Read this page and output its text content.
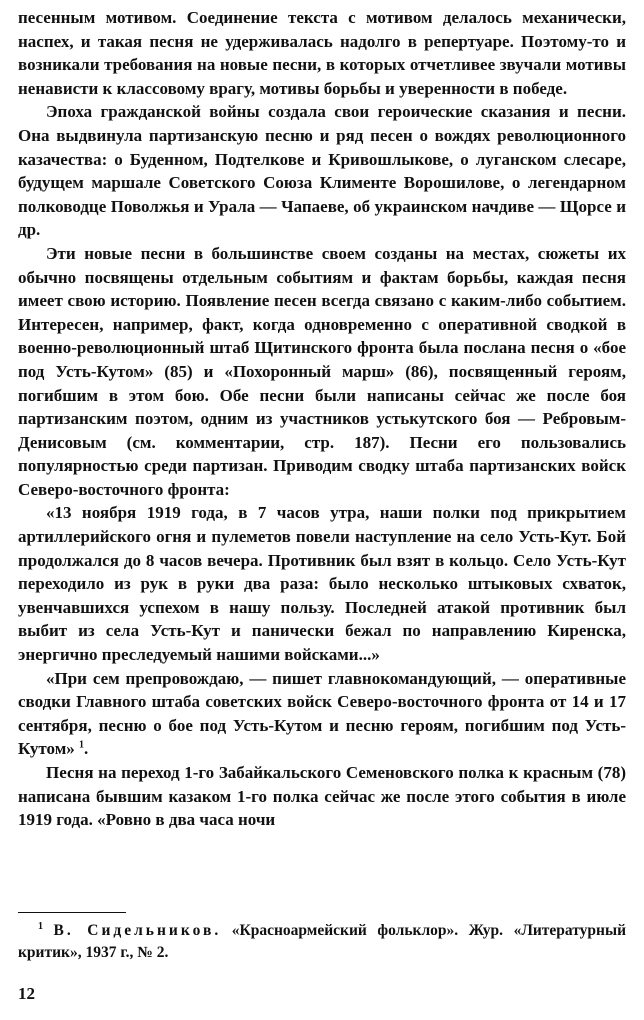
песенным мотивом. Соединение текста с мотивом делалось механически, наспех, и такая песня не удерживалась надолго в репертуаре. Поэтому-то и возникали требования на новые песни, в которых отчетливее звучали мотивы ненависти к классовому врагу, мотивы борьбы и уверенности в победе.

Эпоха гражданской войны создала свои героические сказания и песни. Она выдвинула партизанскую песню и ряд песен о вождях революционного казачества: о Буденном, Подтелкове и Кривошлыкове, о луганском слесаре, будущем маршале Советского Союза Клименте Ворошилове, о легендарном полководце Поволжья и Урала — Чапаеве, об украинском начдиве — Щорсе и др.

Эти новые песни в большинстве своем созданы на местах, сюжеты их обычно посвящены отдельным событиям и фактам борьбы, каждая песня имеет свою историю. Появление песен всегда связано с каким-либо событием. Интересен, например, факт, когда одновременно с оперативной сводкой в военно-революционный штаб Щитинского фронта была послана песня о «бое под Усть-Кутом» (85) и «Похоронный марш» (86), посвященный героям, погибшим в этом бою. Обе песни были написаны сейчас же после боя партизанским поэтом, одним из участников устькутского боя — Ребровым-Денисовым (см. комментарии, стр. 187). Песни его пользовались популярностью среди партизан. Приводим сводку штаба партизанских войск Северо-восточного фронта:

«13 ноября 1919 года, в 7 часов утра, наши полки под прикрытием артиллерийского огня и пулеметов повели наступление на село Усть-Кут. Бой продолжался до 8 часов вечера. Противник был взят в кольцо. Село Усть-Кут переходило из рук в руки два раза: было несколько штыковых схваток, увенчавшихся успехом в нашу пользу. Последней атакой противник был выбит из села Усть-Кут и панически бежал по направлению Киренска, энергично преследуемый нашими войсками...»

«При сем препровождаю, — пишет главнокомандующий, — оперативные сводки Главного штаба советских войск Северо-восточного фронта от 14 и 17 сентября, песню о бое под Усть-Кутом и песню героям, погибшим под Усть-Кутом» $^1$.

Песня на переход 1-го Забайкальского Семеновского полка к красным (78) написана бывшим казаком 1-го полка сейчас же после этого события в июле 1919 года. «Ровно в два часа ночи

$^1$ В. Сидельников. «Красноармейский фольклор». Жур. «Литературный критик», 1937 г., № 2.

12
